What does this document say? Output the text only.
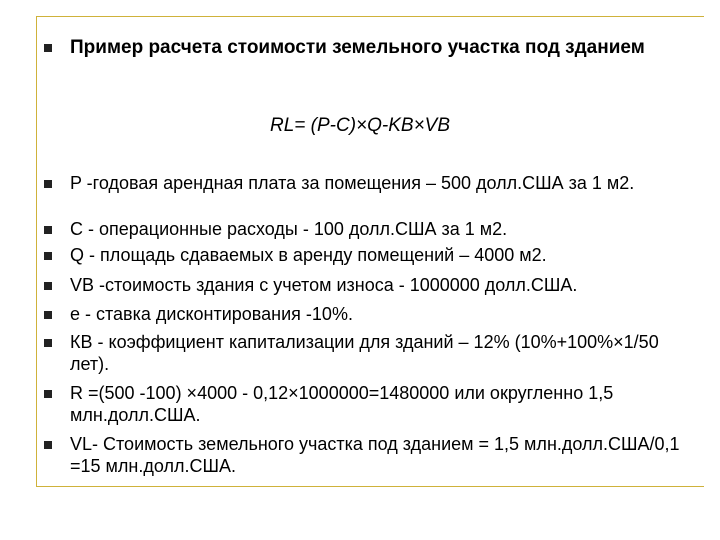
Пример расчета стоимости земельного участка под зданием
RL= (P-C)×Q-KB×VB
P -годовая арендная плата за помещения – 500 долл.США за 1 м2.
C - операционные расходы - 100 долл.США за 1 м2.
Q - площадь сдаваемых в аренду помещений – 4000 м2.
VB -стоимость здания с учетом износа - 1000000 долл.США.
e - ставка дисконтирования -10%.
КВ - коэффициент капитализации для зданий – 12% (10%+100%×1/50 лет).
R =(500 -100) ×4000 - 0,12×1000000=1480000 или округленно 1,5 млн.долл.США.
VL- Стоимость земельного участка под зданием = 1,5 млн.долл.США/0,1 =15 млн.долл.США.
